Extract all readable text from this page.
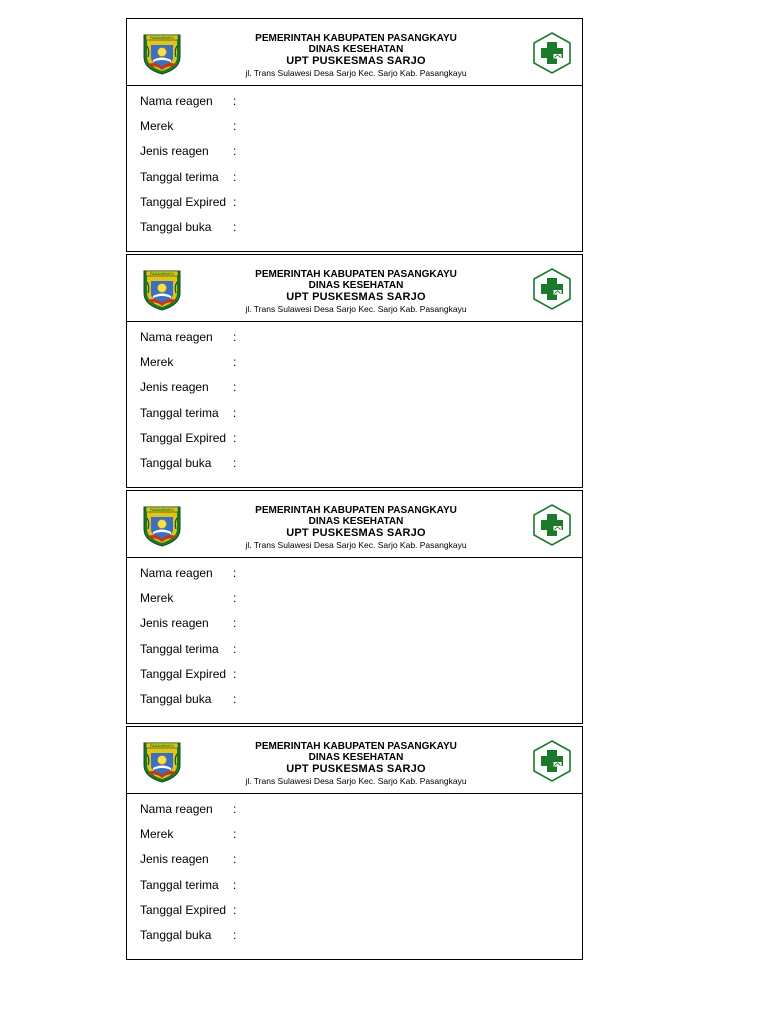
PASANGKAYU	PEMERINTAH KABUPATEN PASANGKAYU
DINAS KESEHATAN
UPT PUSKESMAS SARJO
jl. Trans Sulawesi Desa Sarjo Kec. Sarjo Kab. Pasangkayu
Nama reagen :
Merek	:
Jenis reagen :
Tanggal terima :
Tanggal Expired :
Tanggal buka :
PASANGKAYU	PEMERINTAH KABUPATEN PASANGKAYU
DINAS KESEHATAN
UPT PUSKESMAS SARJO
jl. Trans Sulawesi Desa Sarjo Kec. Sarjo Kab. Pasangkayu
Nama reagen :
Merek	:
Jenis reagen :
Tanggal terima :
Tanggal Expired :
Tanggal buka :
PASANGKAYU	PEMERINTAH KABUPATEN PASANGKAYU
DINAS KESEHATAN
UPT PUSKESMAS SARJO
jl. Trans Sulawesi Desa Sarjo Kec. Sarjo Kab. Pasangkayu
Nama reagen :
Merek	:
Jenis reagen :
Tanggal terima :
Tanggal Expired :
Tanggal buka :
PASANGKAYU	PEMERINTAH KABUPATEN PASANGKAYU
DINAS KESEHATAN
UPT PUSKESMAS SARJO
jl. Trans Sulawesi Desa Sarjo Kec. Sarjo Kab. Pasangkayu
Nama reagen :
Merek	:
Jenis reagen :
Tanggal terima :
Tanggal Expired :
Tanggal buka :
